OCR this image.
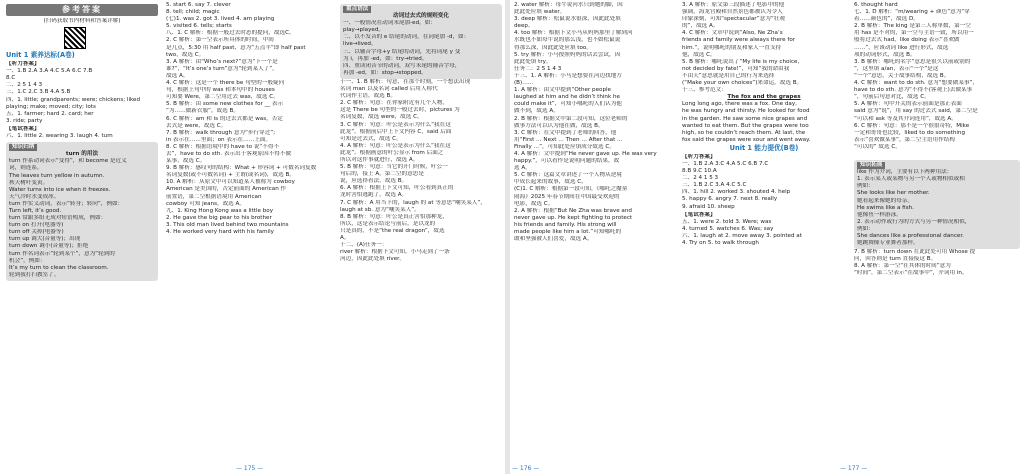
参考答案
(扫码获取书内材料和答案详解)
Unit 1 素养达标(A卷)
【听力答案】
一、1.B 2.A 3.A 4.C 5.A 6.C 7.B
8.C
二、2 5 1 4 3
三、1.C 2.C 3.B 4.A 5.B
四、1. little; grandparents; were; chickens; liked
playing; make; moved; city; lots
五、1. farmer; hard 2. card; her
3. ride; party
【笔试答案】
六、1. little 2. wearing 3. laugh 4. tum
知识归纳
turn 的用法
turn 作系动词表示“变得”，和 become 是近义
词，则连系。
The leaves turn yellow in autumn.
秋天树叶变黄。
Water turns into ice when it freezes.
天气冷时水变成冰。
turn 作实义动词，表示“转身；转向”，例如：
Turn left, it’s good.
turn 常跟多组无成对短语构成，例如：
turn on 打开(电器等)
turn off 关掉(电器等)
turn up 调大(音量等)；出现
turn down 调小(音量等)；拒绝
turn 作名词表示“轮到某个”，意为“轮到的
机会”，例如：
It’s my turn to clean the classroom.
轮到我打扫教室了。
5. start 6. say 7. clever
8. tell; child; magic
(七)1. was 2. got 3. lived 4. am playing
5. visited 6. tells; starts
八、1. C 解析：根据一般过去时态的提问，故选C。
2. C 解析：第一空表示所具体的时间，中间
是几点，5:30 用 half past，意为“五点半”即 half past
two，故选 C。
3. A 解析：由“Who’s next?”意为“下一个是
谁?”，“It’s one’s turn”意为“轮到某人了”，
故选 A。
4. C 解析：这是一个 there be 句型的一般疑问
句，根据上句中的 was 和本句中的 houses
可知要 Were，第二空用过去 was，故选 C。
5. B 解析：由 some new clothes for __ 表示
“为……做新衣服”，故选 B。
6. C 解析：am 和 is 的过去式都是 was，否定
去式是 were，故选 C。
7. B 解析：walk through 意为“步行穿过”;
in 表示在……里面；on 表示在……上面。
8. C 解析：根据语境中的 have to 说“不得不
去”，have to do sth. 表示出于客观原因不得不做
某事，故选 C。
9. B 解析：感叹句的结构：What + 形容词 + 可数名词复数
名词复数(或不可数名词) + 主谓(或名词)，故选 B。
10. A 解析：从原文中可以知道某人被称为 cowboy
American 是美国的，否定前面的 American 作
前置语，第二空根据语境用 American
cowboy 可知 jeans，故选 A。
九、1. King Hong Kong was a little boy
2. He gave the big pear to his brother
3. This old man lived behind two mountains
4. He worked very hard with his family
重点语法
动词过去式的规则变化
一、一般情况在动词末尾加-ed，如：
play→played。
二、以不发音的 e 结尾的动词，在词尾加 -d，如：
live→lived。
三、以辅音字母+y 结尾的动词，先将词尾 y 变
为 i，再加 -ed，如：try→tried。
四、重读闭音节的动词，双写末尾的辅音字母，
再加 -ed，如：stop→stopped。
十一、1. B 解析：句意，在那个时刻，一个想法出现
名词 man 以及名词 called 后用人称代
代词作主语，故选 B。
2. C 解析：句意：在你家附近有几个人物，
这是 There be 句型的一般过去时，pictures 为
名词复数，故选 were，故选 C。
3. C 解析：句意：叶公是表示为什么“我在这
此龙”。根据前后中上下文内容 C，said 后面
可知是过去式，故选 C。
4. A 解析：句意：叶公是表示为什么“我在这
此龙”。根据画意的叶公显示 from 后面之
所以对这件事就进行，故选 A。
5. B 解析：句意：当它的开门时候，叶公一
句后的，接上 A，第二空的意思是
说，应选择看法，故选 B。
6. A 解析：根据上下文可知，叶公看到真正的
龙时害怕逃跑了，故选 A。
7. C 解析：A 用当下的，laugh 的 at 等意思“嘲笑某人”，
laugh at sb. 意为“嘲笑某人”。
8. B 解析：句意：叶公是真正害怕那种龙，
所以，这是表示结论与前后，是以龙的
只是真的，不是“the real dragon”，故选
A。
十二、(A)任务一：
river 解析：根据下文可知，小马走到了一条
河边，因此此处填 river。
— 175 —
2. water 解析：母牛说河水只到她的脚，因
此此处应填 water。
3. deep 解析：松鼠说水很深，因此此处填
deep。
4. too 解析：根据下文小马从妈妈那里了解到河
水既也不如母牛说的那么浅，也不如松鼠说
得那么深，因此此处应填 too。
5. try 解析：小马按照妈妈的话去尝试，因
此此处填 try。
任务二：2 5 1 4 3
十三、1. A 解析：小马是想要在河边找地方
(B)……
1. A 解析：由文中提到“Other people
laughed at him and he didn’t think he
could make it”，可知小哪吒的人们认为他
做不到，故选 A。
2. B 解析：根据文中第二段可知，这位老师的
做事方法可以认为他在做，故选 B。
3. C 解析：在文中提到了老师的回答，他
用“First … Next … Then … After that …
Finally …”，可知此处应填成分故选 C。
4. A 解析：文中提到“He never gave up. He was very
happy.”，可以看作是说明问题的结果，故
选 A。
5. C 解析：这篇文章讲述了一个人物从逆境
中成长起来的故事，故选 C。
(C)1. C 解析：根据第一段可知，《哪吒之魔童
闹海》2025 年春节期间在中国最受欢迎的
电影，故选 C。
2. A 解析：根据“But Ne Zha was brave and
never gave up. He kept fighting to protect
his friends and family. His strong will
made people like him a lot.”可知哪吒的
敢和坚强被人们喜爱，故选 A。
3. A 解析：原文第三段描述了电影中的他
强调，海龙宫殿和自然景色都被认为令人
印象深刻，可知“spectacular”意为“壮观
的”，故选 A。
4. C 解析：文章中说到“Also, Ne Zha’s
friends and family were always there for
him.”，说明哪吒的朋友和家人一直支持
他，故选 C。
5. B 解析：哪吒说出了“My life is my choice,
not decided by fate!”，可知“我的命由我
不由天”意思就是用自己的行为来选择
(“Make your own choices”)来命运，故选 B。
十三、参考范文：
The fox and the grapes
Long long ago, there was a fox. One day,
he was hungry and thirsty. He looked for food
in the garden. He saw some nice grapes and
wanted to eat them. But the grapes were too
high, so he couldn’t reach them. At last, the
fox said the grapes were sour and went away.
Unit 1 能力提优(B卷)
【听力答案】
一、1.B 2.A 3.C 4.A 5.C 6.B 7.C
8.B 9.C 10.A
二、2 4 1 5 3
三、1.B 2.C 3.A 4.C 5.C
四、1. hill 2. worked 3. shouted 4. help
5. happy 6. angry 7. next 8. really
9. afraid 10. sheep
【笔试答案】
五、1. were 2. told 3. Were; was
4. turned 5. watches 6. Was; say
六、1. laugh at 2. move away 3. pointed at
4. Try on 5. to walk through
6. thought hard
七、1. D 解析：“m/wearing + 颜色”意为“穿
着……颜色的”，故选 D。
2. B 解析：The king 是第三人称单数，第一空
用 has 是不对的，第一空与主语一致，所以用一
般将过去式 had，like doing 表示“喜欢做
……”，应该动词 like 进行形式，故选
项的动词形式，故选 B。
3. B 解析：哪吒的名字“意思是很久以前或别的
”，这里填 a/an，表示“一个”是这
“一个”意思，关于故事结构，故选 B。
4. C 解析：want to do sth. 意为“想要做某事”，
have to do sth. 意为“不得不(客观上)去做某事
”，句前后句意对比，故选 C。
5. A 解析：句中开关的表示前面是那正表面
said 意为“说”，用 say 的过去式 said，第二空是
“可以和 ask 等及其介词连用”，故选 A。
6. C 解析：句意：那不是一个很很奇特，Mike
一定和哥哥也比较，liked to do something
表示“喜欢做某事”，第二空主语用作结构
“可以的” 故选 C。
知识拓展
like 作为介词，主要有以下两种用法：
1. 表示某人或某物与另一个人或物相似或相
例如：
She looks like her mother.
她看起来像她的母亲。
He swims like a fish.
他像鱼一样游泳。
2. 表示动作或行为的方式与另一种情况相似，
例如：
She dances like a professional dancer.
她跳舞像专业舞者那样。
7. B 解析：turn down 在此此处可用 Whose 提
问，回答则是 turn 直接接这 B。
8. A 解析：第一空“在其体的时间”意为
“时间”，第二空表示“在故事中”，介词用 in。
— 176 —	— 177 —
